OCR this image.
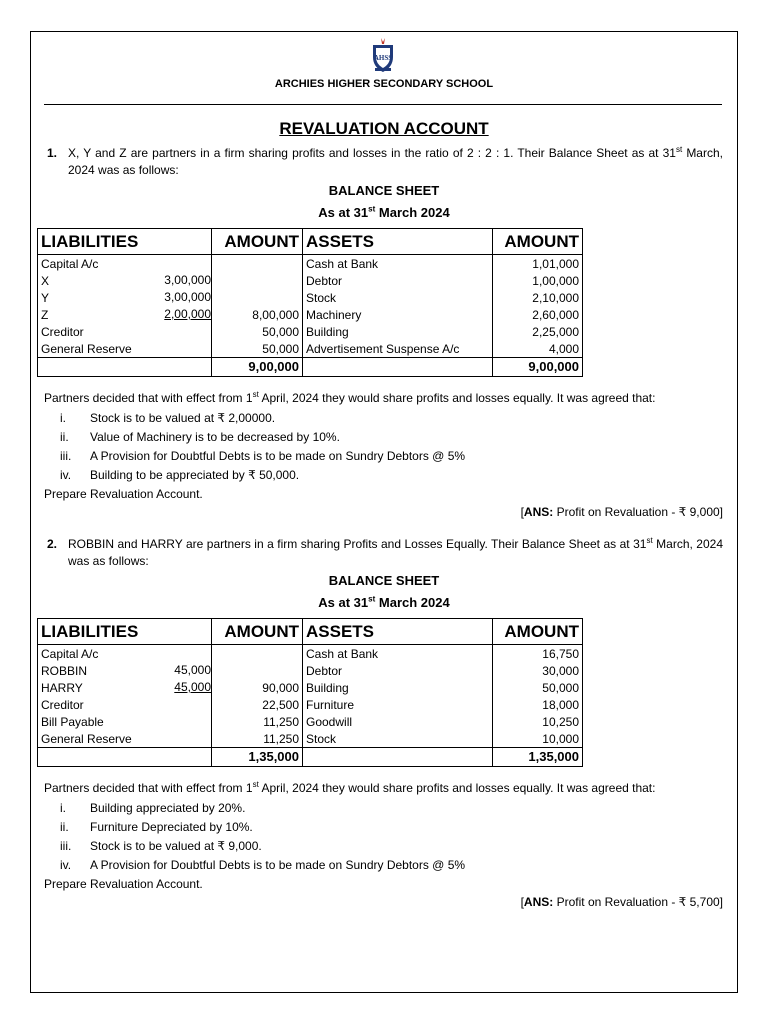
AHSS
ARCHIES HIGHER SECONDARY SCHOOL
REVALUATION ACCOUNT
1. X, Y and Z are partners in a firm sharing profits and losses in the ratio of 2 : 2 : 1. Their Balance Sheet as at 31st March, 2024 was as follows:
BALANCE SHEET
As at 31st March 2024
LIABILITIES	AMOUNT	ASSETS	AMOUNT
Capital A/c		Cash at Bank	1,01,000
X 3,00,000		Debtor	1,00,000
Y 3,00,000		Stock	2,10,000
Z 2,00,000	8,00,000	Machinery	2,60,000
Creditor	50,000	Building	2,25,000
General Reserve	50,000	Advertisement Suspense A/c	4,000
	9,00,000		9,00,000
Partners decided that with effect from 1st April, 2024 they would share profits and losses equally. It was agreed that:
i. Stock is to be valued at ₹ 2,00000.
ii. Value of Machinery is to be decreased by 10%.
iii. A Provision for Doubtful Debts is to be made on Sundry Debtors @ 5%
iv. Building to be appreciated by ₹ 50,000.
Prepare Revaluation Account.
[ANS: Profit on Revaluation - ₹ 9,000]
2. ROBBIN and HARRY are partners in a firm sharing Profits and Losses Equally. Their Balance Sheet as at 31st March, 2024 was as follows:
BALANCE SHEET
As at 31st March 2024
LIABILITIES	AMOUNT	ASSETS	AMOUNT
Capital A/c		Cash at Bank	16,750
ROBBIN 45,000		Debtor	30,000
HARRY 45,000	90,000	Building	50,000
Creditor	22,500	Furniture	18,000
Bill Payable	11,250	Goodwill	10,250
General Reserve	11,250	Stock	10,000
	1,35,000		1,35,000
Partners decided that with effect from 1st April, 2024 they would share profits and losses equally. It was agreed that:
i. Building appreciated by 20%.
ii. Furniture Depreciated by 10%.
iii. Stock is to be valued at ₹ 9,000.
iv. A Provision for Doubtful Debts is to be made on Sundry Debtors @ 5%
Prepare Revaluation Account.
[ANS: Profit on Revaluation - ₹ 5,700]
